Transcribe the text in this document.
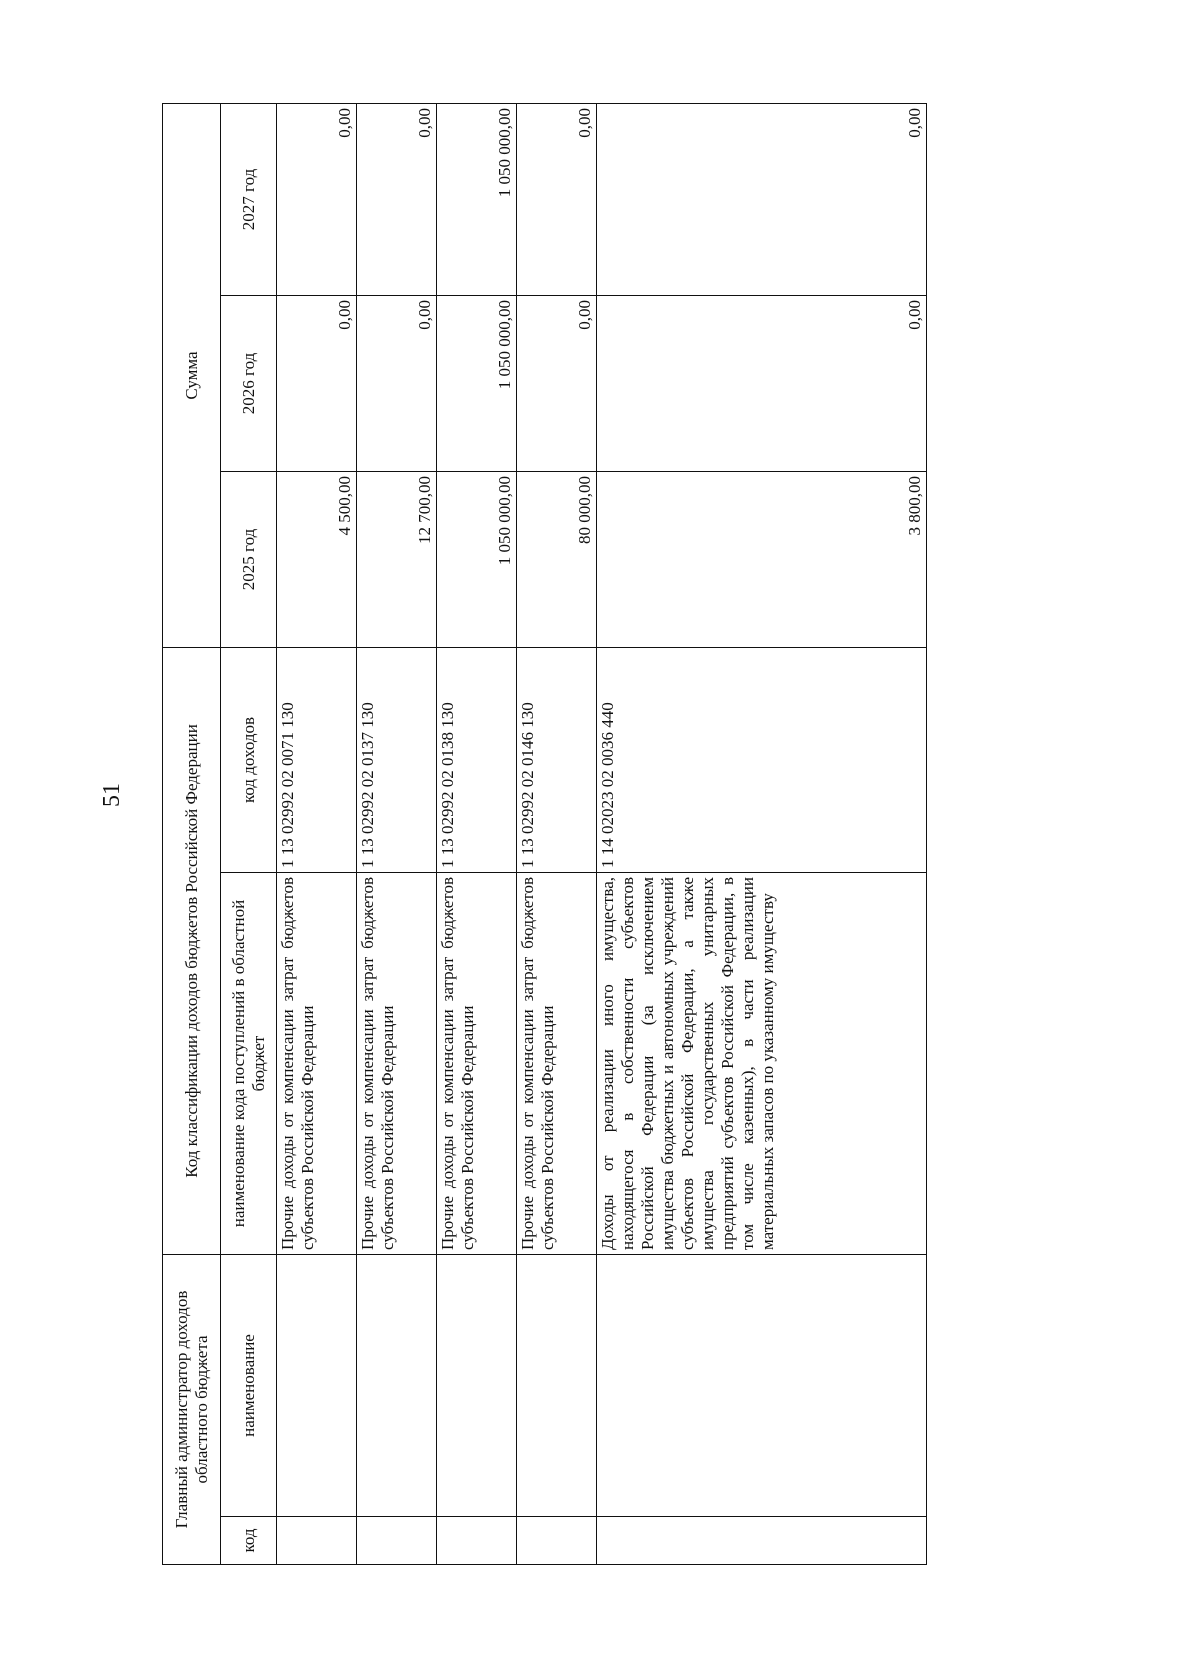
51
Главный администратор доходов областного бюджета		Код классификации доходов бюджетов Российской Федерации		Сумма		
код	наименование	наименование кода поступлений в областной бюджет	код доходов	2025 год	2026 год	2027 год
		Прочие доходы от компенсации затрат бюджетов субъектов Российской Федерации	1 13 02992 02 0071 130	4 500,00	0,00	0,00
		Прочие доходы от компенсации затрат бюджетов субъектов Российской Федерации	1 13 02992 02 0137 130	12 700,00	0,00	0,00
		Прочие доходы от компенсации затрат бюджетов субъектов Российской Федерации	1 13 02992 02 0138 130	1 050 000,00	1 050 000,00	1 050 000,00
		Прочие доходы от компенсации затрат бюджетов субъектов Российской Федерации	1 13 02992 02 0146 130	80 000,00	0,00	0,00
		Доходы от реализации иного имущества, находящегося в собственности субъектов Российской Федерации (за исключением имущества бюджетных и автономных учреждений субъектов Российской Федерации, а также имущества государственных унитарных предприятий субъектов Российской Федерации, в том числе казенных), в части реализации материальных запасов по указанному имуществу	1 14 02023 02 0036 440	3 800,00	0,00	0,00
